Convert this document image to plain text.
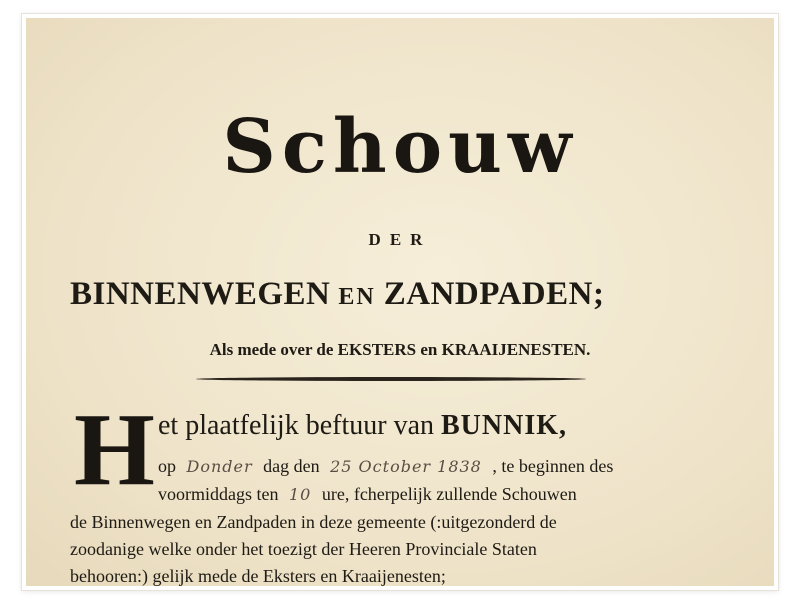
Schouw
DER
BINNENWEGEN EN ZANDPADEN;
Als mede over de EKSTERS en KRAAIJENESTEN.
H et plaatfelijk beftuur van BUNNIK,
op Donder dag den 25 October 1838 , te beginnen des
voormiddags ten 10 ure, fcherpelijk zullende Schouwen
de Binnenwegen en Zandpaden in deze gemeente (:uitgezonderd de
zoodanige welke onder het toezigt der Heeren Provinciale Staten
behooren:) gelijk mede de Eksters en Kraaijenesten;
